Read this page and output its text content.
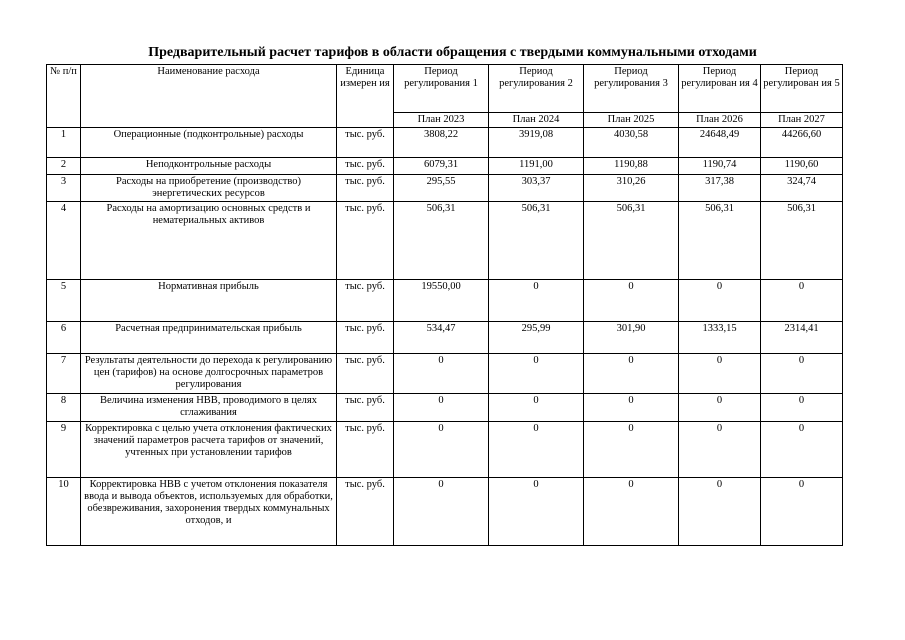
Предварительный расчет тарифов в области обращения с твердыми коммунальными отходами
№ п/п	Наименование расхода	Единица измерен ия	Период регулирования 1	Период регулирования 2	Период регулирования 3	Период регулирован ия 4	Период регулирован ия 5
			План 2023	План 2024	План 2025	План 2026	План 2027
1	Операционные (подконтрольные) расходы	тыс. руб.	3808,22	3919,08	4030,58	24648,49	44266,60
2	Неподконтрольные расходы	тыс. руб.	6079,31	1191,00	1190,88	1190,74	1190,60
3	Расходы на приобретение (производство) энергетических ресурсов	тыс. руб.	295,55	303,37	310,26	317,38	324,74
4	Расходы на амортизацию основных средств и нематериальных активов	тыс. руб.	506,31	506,31	506,31	506,31	506,31
5	Нормативная прибыль	тыс. руб.	19550,00	0	0	0	0
6	Расчетная предпринимательская прибыль	тыс. руб.	534,47	295,99	301,90	1333,15	2314,41
7	Результаты деятельности до перехода к регулированию цен (тарифов) на основе долгосрочных параметров регулирования	тыс. руб.	0	0	0	0	0
8	Величина изменения НВВ, проводимого в целях сглаживания	тыс. руб.	0	0	0	0	0
9	Корректировка с целью учета отклонения фактических значений параметров расчета тарифов от значений, учтенных при установлении тарифов	тыс. руб.	0	0	0	0	0
10	Корректировка НВВ с учетом отклонения показателя ввода и вывода объектов, используемых для обработки, обезвреживания, захоронения твердых коммунальных отходов, и	тыс. руб.	0	0	0	0	0
